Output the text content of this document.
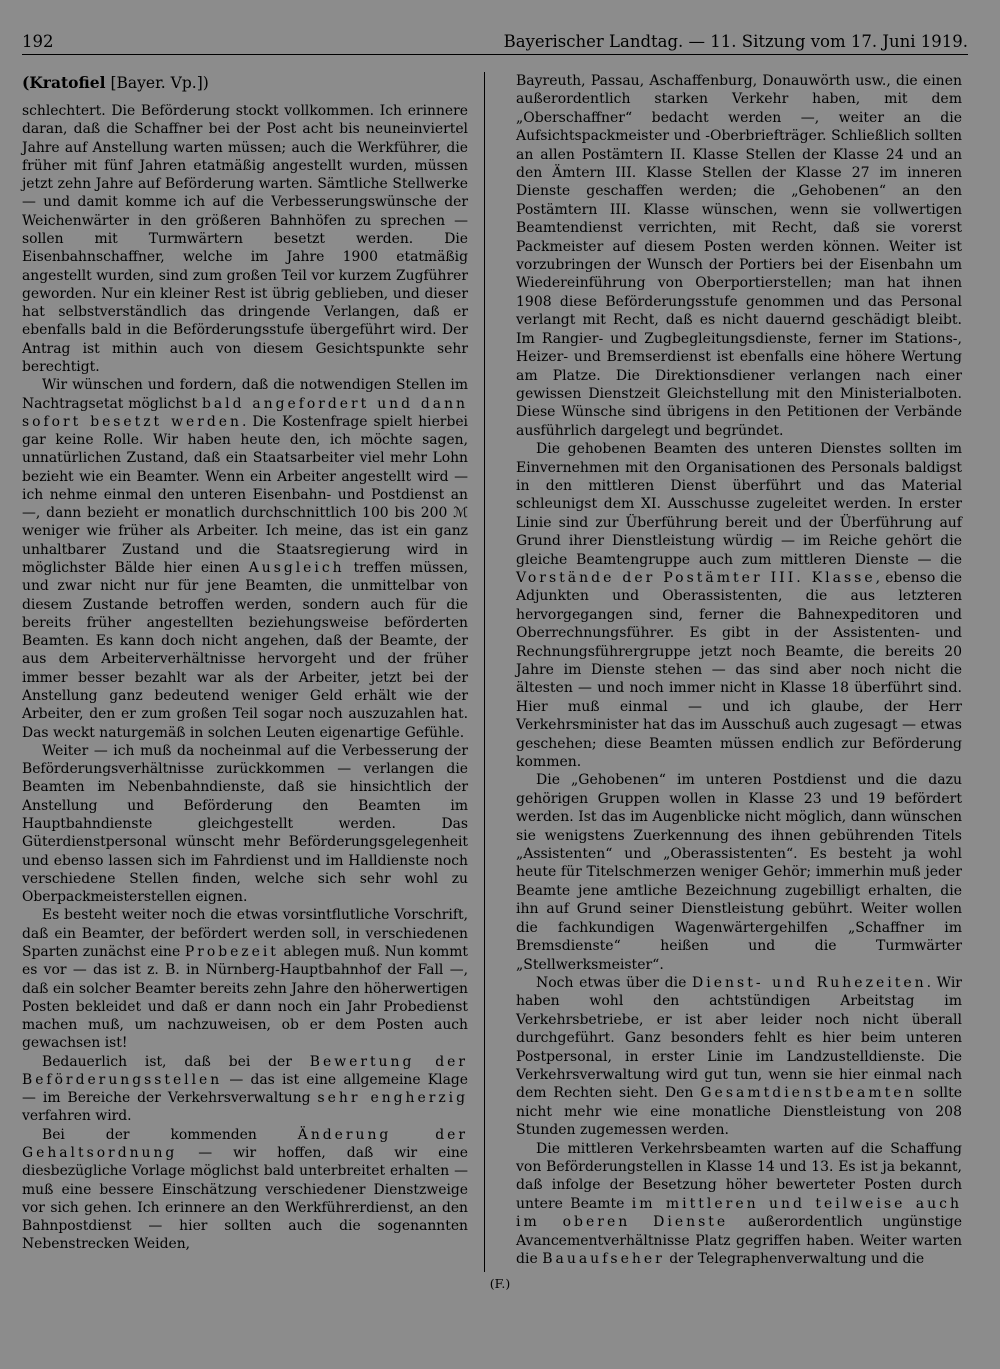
192	Bayerischer Landtag. — 11. Sitzung vom 17. Juni 1919.
(Kratofiel [Bayer. Vp.])

schlechtert. Die Beförderung stockt vollkommen. Ich erinnere daran, daß die Schaffner bei der Post acht bis neuneinviertel Jahre auf Anstellung warten müssen; auch die Werkführer, die früher mit fünf Jahren etatmäßig angestellt wurden, müssen jetzt zehn Jahre auf Beförderung warten. Sämtliche Stellwerke — und damit komme ich auf die Verbesserungswünsche der Weichenwärter in den größeren Bahnhöfen zu sprechen — sollen mit Turmwärtern besetzt werden. Die Eisenbahnschaffner, welche im Jahre 1900 etatmäßig angestellt wurden, sind zum großen Teil vor kurzem Zugführer geworden. Nur ein kleiner Rest ist übrig geblieben, und dieser hat selbstverständlich das dringende Verlangen, daß er ebenfalls bald in die Beförderungsstufe übergeführt wird. Der Antrag ist mithin auch von diesem Gesichtspunkte sehr berechtigt.

Wir wünschen und fordern, daß die notwendigen Stellen im Nachtragsetat möglichst bald angefordert und dann sofort besetzt werden. Die Kostenfrage spielt hierbei gar keine Rolle. Wir haben heute den, ich möchte sagen, unnatürlichen Zustand, daß ein Staatsarbeiter viel mehr Lohn bezieht wie ein Beamter. Wenn ein Arbeiter angestellt wird — ich nehme einmal den unteren Eisenbahn- und Postdienst an —, dann bezieht er monatlich durchschnittlich 100 bis 200 ℳ weniger wie früher als Arbeiter. Ich meine, das ist ein ganz unhaltbarer Zustand und die Staatsregierung wird in möglichster Bälde hier einen Ausgleich treffen müssen, und zwar nicht nur für jene Beamten, die unmittelbar von diesem Zustande betroffen werden, sondern auch für die bereits früher angestellten beziehungsweise beförderten Beamten. Es kann doch nicht angehen, daß der Beamte, der aus dem Arbeiterverhältnisse hervorgeht und der früher immer besser bezahlt war als der Arbeiter, jetzt bei der Anstellung ganz bedeutend weniger Geld erhält wie der Arbeiter, den er zum großen Teil sogar noch auszuzahlen hat. Das weckt naturgemäß in solchen Leuten eigenartige Gefühle.

Weiter — ich muß da nocheinmal auf die Verbesserung der Beförderungsverhältnisse zurückkommen — verlangen die Beamten im Nebenbahndienste, daß sie hinsichtlich der Anstellung und Beförderung den Beamten im Hauptbahndienste gleichgestellt werden. Das Güterdienstpersonal wünscht mehr Beförderungsgelegenheit und ebenso lassen sich im Fahrdienst und im Halldienste noch verschiedene Stellen finden, welche sich sehr wohl zu Oberpackmeisterstellen eignen.

Es besteht weiter noch die etwas vorsintflutliche Vorschrift, daß ein Beamter, der befördert werden soll, in verschiedenen Sparten zunächst eine Probezeit ablegen muß. Nun kommt es vor — das ist z. B. in Nürnberg-Hauptbahnhof der Fall —, daß ein solcher Beamter bereits zehn Jahre den höherwertigen Posten bekleidet und daß er dann noch ein Jahr Probedienst machen muß, um nachzuweisen, ob er dem Posten auch gewachsen ist!

Bedauerlich ist, daß bei der Bewertung der Beförderungsstellen — das ist eine allgemeine Klage — im Bereiche der Verkehrsverwaltung sehr engherzig verfahren wird.

Bei der kommenden Änderung der Gehaltsordnung — wir hoffen, daß wir eine diesbezügliche Vorlage möglichst bald unterbreitet erhalten — muß eine bessere Einschätzung verschiedener Dienstzweige vor sich gehen. Ich erinnere an den Werkführerdienst, an den Bahnpostdienst — hier sollten auch die sogenannten Nebenstrecken Weiden,

Bayreuth, Passau, Aschaffenburg, Donauwörth usw., die einen außerordentlich starken Verkehr haben, mit dem „Oberschaffner“ bedacht werden —, weiter an die Aufsichtspackmeister und -Oberbriefträger. Schließlich sollten an allen Postämtern II. Klasse Stellen der Klasse 24 und an den Ämtern III. Klasse Stellen der Klasse 27 im inneren Dienste geschaffen werden; die „Gehobenen“ an den Postämtern III. Klasse wünschen, wenn sie vollwertigen Beamtendienst verrichten, mit Recht, daß sie vorerst Packmeister auf diesem Posten werden können. Weiter ist vorzubringen der Wunsch der Portiers bei der Eisenbahn um Wiedereinführung von Oberportierstellen; man hat ihnen 1908 diese Beförderungsstufe genommen und das Personal verlangt mit Recht, daß es nicht dauernd geschädigt bleibt. Im Rangier- und Zugbegleitungsdienste, ferner im Stations-, Heizer- und Bremserdienst ist ebenfalls eine höhere Wertung am Platze. Die Direktionsdiener verlangen nach einer gewissen Dienstzeit Gleichstellung mit den Ministerialboten. Diese Wünsche sind übrigens in den Petitionen der Verbände ausführlich dargelegt und begründet.

Die gehobenen Beamten des unteren Dienstes sollten im Einvernehmen mit den Organisationen des Personals baldigst in den mittleren Dienst überführt und das Material schleunigst dem XI. Ausschusse zugeleitet werden. In erster Linie sind zur Überführung bereit und der Überführung auf Grund ihrer Dienstleistung würdig — im Reiche gehört die gleiche Beamtengruppe auch zum mittleren Dienste — die Vorstände der Postämter III. Klasse, ebenso die Adjunkten und Oberassistenten, die aus letzteren hervorgegangen sind, ferner die Bahnexpeditoren und Oberrechnungsführer. Es gibt in der Assistenten- und Rechnungsführergruppe jetzt noch Beamte, die bereits 20 Jahre im Dienste stehen — das sind aber noch nicht die ältesten — und noch immer nicht in Klasse 18 überführt sind. Hier muß einmal — und ich glaube, der Herr Verkehrsminister hat das im Ausschuß auch zugesagt — etwas geschehen; diese Beamten müssen endlich zur Beförderung kommen.

Die „Gehobenen“ im unteren Postdienst und die dazu gehörigen Gruppen wollen in Klasse 23 und 19 befördert werden. Ist das im Augenblicke nicht möglich, dann wünschen sie wenigstens Zuerkennung des ihnen gebührenden Titels „Assistenten“ und „Oberassistenten“. Es besteht ja wohl heute für Titelschmerzen weniger Gehör; immerhin muß jeder Beamte jene amtliche Bezeichnung zugebilligt erhalten, die ihn auf Grund seiner Dienstleistung gebührt. Weiter wollen die fachkundigen Wagenwärtergehilfen „Schaffner im Bremsdienste“ heißen und die Turmwärter „Stellwerksmeister“.

Noch etwas über die Dienst- und Ruhezeiten. Wir haben wohl den achtstündigen Arbeitstag im Verkehrsbetriebe, er ist aber leider noch nicht überall durchgeführt. Ganz besonders fehlt es hier beim unteren Postpersonal, in erster Linie im Landzustelldienste. Die Verkehrsverwaltung wird gut tun, wenn sie hier einmal nach dem Rechten sieht. Den Gesamtdienstbeamten sollte nicht mehr wie eine monatliche Dienstleistung von 208 Stunden zugemessen werden.

Die mittleren Verkehrsbeamten warten auf die Schaffung von Beförderungstellen in Klasse 14 und 13. Es ist ja bekannt, daß infolge der Besetzung höher bewerteter Posten durch untere Beamte im mittleren und teilweise auch im oberen Dienste außerordentlich ungünstige Avancementverhältnisse Platz gegriffen haben. Weiter warten die Bauaufseher der Telegraphenverwaltung und die

(F.)
